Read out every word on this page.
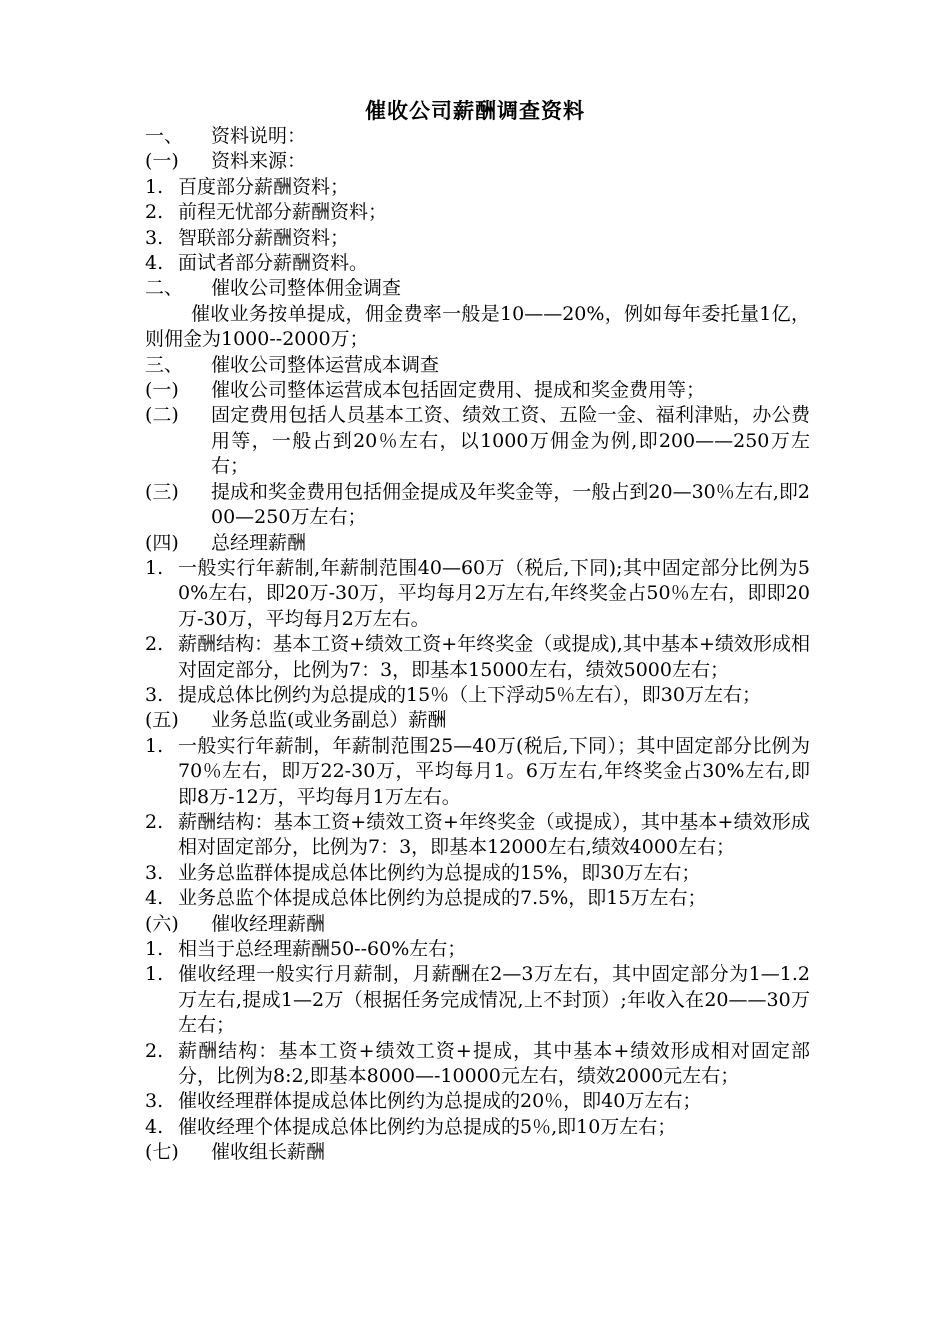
催收公司薪酬调查资料
一、	资料说明：
(一)	资料来源：
1. 百度部分薪酬资料；
2. 前程无忧部分薪酬资料；
3. 智联部分薪酬资料；
4. 面试者部分薪酬资料。
二、	催收公司整体佣金调查
催收业务按单提成，佣金费率一般是10——20%，例如每年委托量1亿，则佣金为1000--2000万；
三、	催收公司整体运营成本调查
(一)	催收公司整体运营成本包括固定费用、提成和奖金费用等；
(二)	固定费用包括人员基本工资、绩效工资、五险一金、福利津贴，办公费用等，一般占到20％左右，以1000万佣金为例,即200——250万左右；
(三)	提成和奖金费用包括佣金提成及年奖金等，一般占到20—30％左右,即200—250万左右；
(四)	总经理薪酬
1. 一般实行年薪制,年薪制范围40—60万（税后,下同);其中固定部分比例为50%左右，即20万-30万，平均每月2万左右,年终奖金占50％左右，即即20万-30万，平均每月2万左右。
2. 薪酬结构：基本工资+绩效工资+年终奖金（或提成),其中基本+绩效形成相对固定部分，比例为7：3，即基本15000左右，绩效5000左右；
3. 提成总体比例约为总提成的15％（上下浮动5％左右），即30万左右；
(五)	业务总监(或业务副总）薪酬
1. 一般实行年薪制，年薪制范围25—40万(税后,下同）；其中固定部分比例为70％左右，即万22-30万，平均每月1。6万左右,年终奖金占30%左右,即即8万-12万，平均每月1万左右。
2. 薪酬结构：基本工资+绩效工资+年终奖金（或提成），其中基本+绩效形成相对固定部分，比例为7：3，即基本12000左右,绩效4000左右；
3. 业务总监群体提成总体比例约为总提成的15%，即30万左右；
4. 业务总监个体提成总体比例约为总提成的7.5%，即15万左右；
(六)	催收经理薪酬
1. 相当于总经理薪酬50--60%左右；
1. 催收经理一般实行月薪制，月薪酬在2—3万左右，其中固定部分为1—1.2万左右,提成1—2万（根据任务完成情况,上不封顶）;年收入在20——30万左右；
2. 薪酬结构：基本工资+绩效工资+提成，其中基本+绩效形成相对固定部分，比例为8:2,即基本8000—-10000元左右，绩效2000元左右；
3. 催收经理群体提成总体比例约为总提成的20％，即40万左右；
4. 催收经理个体提成总体比例约为总提成的5％,即10万左右；
(七)	催收组长薪酬
